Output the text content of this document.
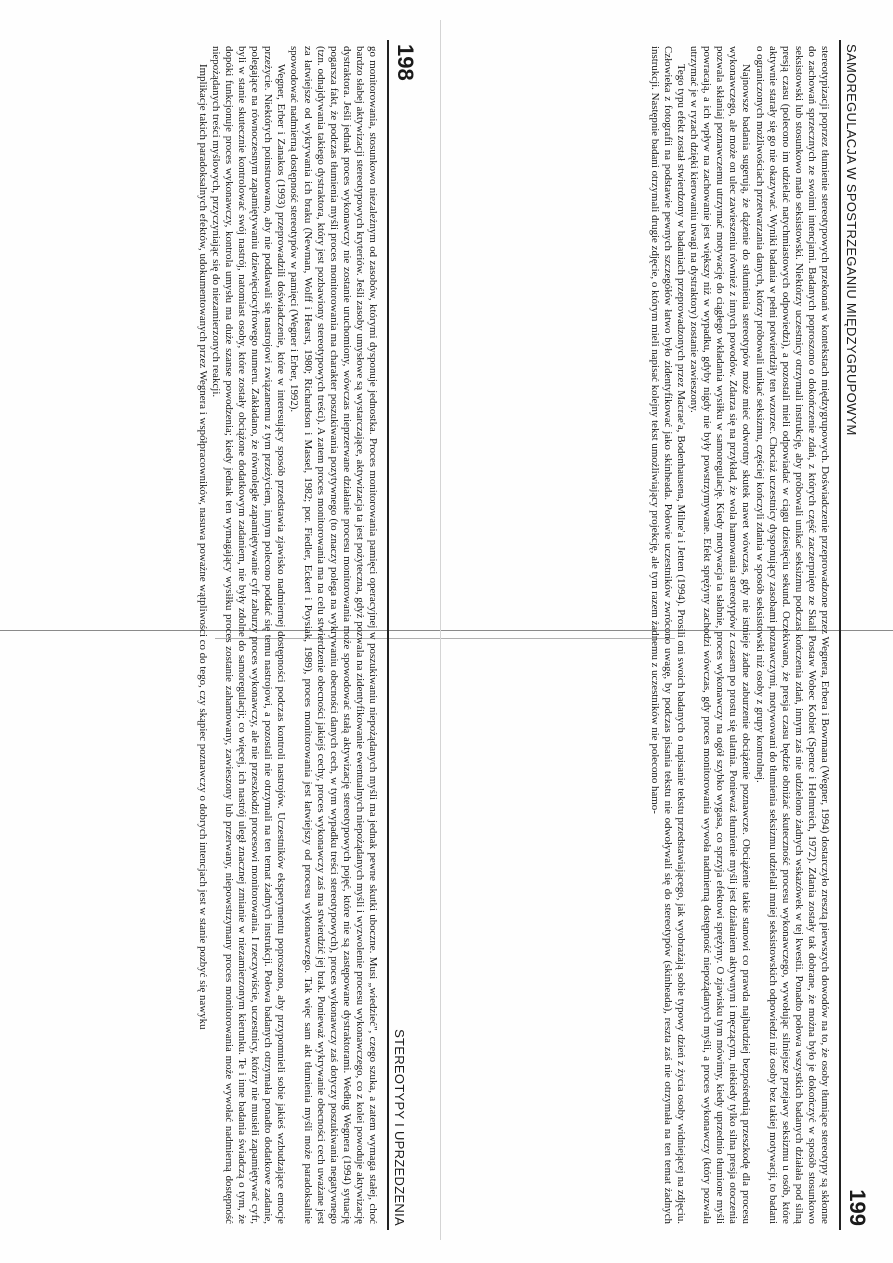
198
STEREOTYPY I UPRZEDZENIA

go monitorowania, stosunkowo niezależnym od zasobów, którymi dysponuje jednostka. Proces monitorowania pamięci operacyjnej w poszukiwaniu niepożądanych myśli ma jednak pewne skutki uboczne. Musi „wiedzieć", czego szuka, a zatem wymaga stałej, choć bardzo słabej aktywizacji stereotypowych kryteriów. Jeśli zasoby umysłowe są wystarczające, aktywizacja ta jest pożyteczna, gdyż pozwala na zidentyfikowanie ewentualnych niepożądanych myśli i wyzwolenie procesu wykonawczego, co z kolei powoduje aktywizację dystraktora. Jeśli jednak proces wykonawczy nie zostanie uruchomiony, wówczas nieprzerwane działanie procesu monitorowania może spowodować stałą aktywizację stereotypowych pojęć, które nie są zastępowane dystraktorami. Według Wegnera (1994) sytuację pogarsza fakt, że podczas tłumienia myśli proces monitorowania ma charakter poszukiwania pozytywnego (to znaczy polega na wykrywaniu obecności danych cech, w tym wypadku treści stereotypowych), proces wykonawczy zaś dotyczy poszukiwania negatywnego (tzn. odnajdywania takiego dystraktora, który jest pozbawiony stereotypowych treści). A zatem proces monitorowania ma na celu stwierdzenie obecności jakiejś cechy, proces wykonawczy zaś ma stwierdzić jej brak. Ponieważ wykrywanie obecności cech uważane jest za łatwiejsze od wykrywania ich braku (Newman, Wolff i Hearst, 1980; Richardson i Massel, 1982; por. Fiedler, Eckert i Poysiak, 1989), proces monitorowania jest łatwiejszy od procesu wykonawczego. Tak więc sam akt tłumienia myśli może paradoksalnie spowodować nadmierną dostępność stereotypów w pamięci (Wegner i Erber, 1992).

Wegner, Erber i Zanakos (1993) przeprowadzili doświadczenie, które w interesujący sposób przedstawia zjawisko nadmiernej dostępności podczas kontroli nastrojów. Uczestników eksperymentu poproszono, aby przypomnieli sobie jakieś wzbudzające emocje przeżycie. Niektórych poinstruowano, aby nie poddawali się nastrojowi związanemu z tym przeżyciem, innym polecono poddać się temu nastrojowi, a pozostali nie otrzymali na ten temat żadnych instrukcji. Połowa badanych otrzymała ponadto dodatkowe zadanie, polegające na równoczesnym zapamiętywaniu dziewięciocyfrowego numeru. Zakładano, że równoległe zapamiętywanie cyfr zaburzy proces wykonawczy, ale nie przeszkodzi procesowi monitorowania. I rzeczywiście, uczestnicy, którzy nie musieli zapamiętywać cyfr, byli w stanie skutecznie kontrolować swój nastrój, natomiast osoby, które zostały obciążone dodatkowym zadaniem, nie były zdolne do samoregulacji; co więcej, ich nastrój uległ znacznej zmianie w niezamierzonym kierunku. Te i inne badania świadczą o tym, że dopóki funkcjonuje proces wykonawczy, kontrola umysłu ma duże szanse powodzenia; kiedy jednak ten wymagający wysiłku proces zostanie zahamowany, zawieszony lub przerwany, niepowstrzymany proces monitorowania może wywołać nadmierną dostępność niepożądanych treści myślowych, przyczyniając się do niezamierzonych reakcji.

Implikacje takich paradoksalnych efektów, udokumentowanych przez Wegnera i współpracowników, nasuwa poważne wątpliwości co do tego, czy skąpiec poznawczy o dobrych intencjach jest w stanie pozbyć się nawyku	SAMOREGULACJA W SPOSTRZEGANIU MIĘDZYGRUPOWYM
199

stereotypizacji poprzez tłumienie stereotypowych przekonań w kontekstach międzygrupowych. Doświadczenie przeprowadzone przez Wegnera, Erbera i Bowmana (Wegner, 1994) dostarczyło zresztą pierwszych dowodów na to, że osoby tłumiące stereotypy są skłonne do zachowań sprzecznych ze swoimi intencjami. Badanych poproszono o dokończenie zdań, z których część zaczerpnięto ze Skali Postaw Wobec Kobiet (Spence i Helmreich, 1972). Zdania zostały tak dobrane, że można było je dokończyć w sposób stosunkowo seksistowski lub stosunkowo mało seksistowski. Niektórzy uczestnicy otrzymali instrukcję, aby próbowali unikać seksizmu podczas kończenia zdań, innym zaś nie udzielono żadnych wskazówek w tej kwestii. Ponadto połowa wszystkich badanych działała pod silną presją czasu (polecono im udzielać natychmiastowych odpowiedzi), a pozostali mieli odpowiadać w ciągu dziesięciu sekund. Oczekiwano, że presja czasu będzie obniżać skuteczność procesu wykonawczego, wywołując silniejsze przejawy seksizmu u osób, które aktywnie starały się go nie okazywać. Wyniki badania w pełni potwierdziły ten wzorzec. Chociaż uczestnicy dysponujący zasobami poznawczymi, motywowani do tłumienia seksizmu udzielali mniej seksistowskich odpowiedzi niż osoby bez takiej motywacji, to badani o ograniczonych możliwościach przetwarzania danych, którzy próbowali unikać seksizmu, częściej kończyli zdania w sposób seksistowski niż osoby z grupy kontrolnej.

Najnowsze badania sugerują, że dążenie do stłumienia stereotypów może mieć odwrotny skutek nawet wówczas, gdy nie istnieje żadne zaburzenie obciążenie poznawcze. Obciążenie takie stanowi co prawda najbardziej bezpośrednią przeszkodę dla procesu wykonawczego, ale może on ulec zawieszeniu również z innych powodów. Zdarza się na przykład, że wola hamowania stereotypów z czasem po prostu się ulatnia. Ponieważ tłumienie myśli jest działaniem aktywnym i męczącym, niekiedy tylko silna presja otoczenia pozwala skłaniaj poznawczemu utrzymać motywację do ciągłego wkładania wysiłku w samoregulację. Kiedy motywacja ta słabnie, proces wykonawczy na ogół szybko wygasa, co sprzyja efektowi sprężyny. O zjawisku tym mówimy, kiedy uprzednio tłumione myśli powracają, a ich wpływ na zachowanie jest większy niż w wypadku, gdyby nigdy nie były powstrzymywane. Efekt sprężyny zachodzi wówczas, gdy proces monitorowania wywoła nadmierną dostępność niepożądanych myśli, a proces wykonawczy (który pozwala utrzymać je w ryzach dzięki kierowaniu uwagi na dystraktory) zostanie zawieszony.

Tego typu efekt został stwierdzony w badaniach przeprowadzonych przez Macrae'a, Bodenhausena, Milne'a i Jetten (1994). Prosili oni swoich badanych o napisanie tekstu przedstawiającego, jak wyobrażają sobie typowy dzień z życia osoby widniejącej na zdjęciu. Człowieka z fotografii na podstawie pewnych szczegółów łatwo było zidentyfikować jako skinheada. Połowie uczestników zwrócono uwagę, by podczas pisania tekstu nie odwoływali się do stereotypów (skinheada), reszta zaś nie otrzymała na ten temat żadnych instrukcji. Następnie badani otrzymali drugie zdjęcie, o którym mieli napisać kolejny tekst umożliwiający projekcję, ale tym razem żadnemu z uczestników nie polecono hamo-
